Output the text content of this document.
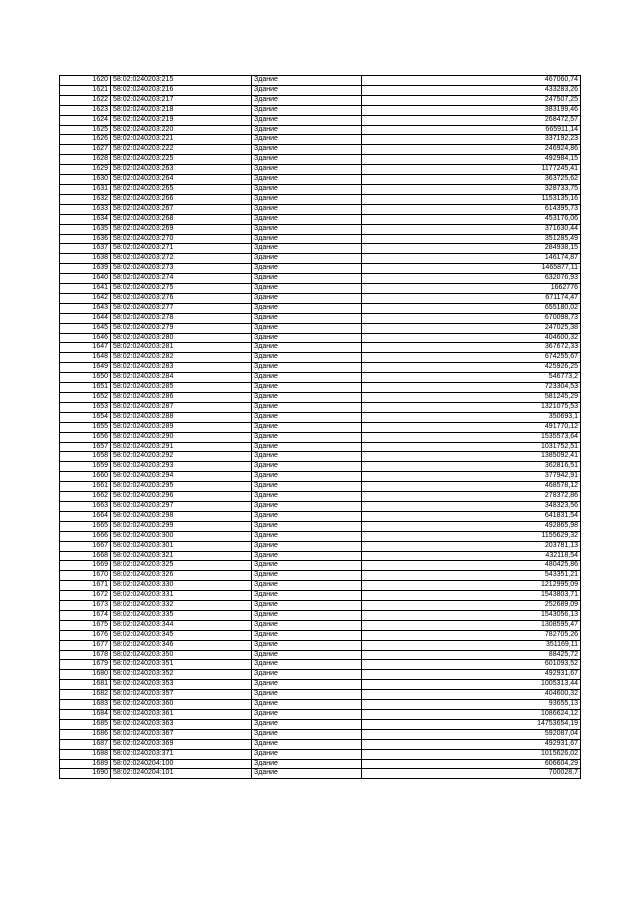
1620	58:02:0240203:215	Здание	467060,74
1621	58:02:0240203:216	Здание	433283,26
1622	58:02:0240203:217	Здание	247507,25
1623	58:02:0240203:218	Здание	383199,46
1624	58:02:0240203:219	Здание	268472,57
1625	58:02:0240203:220	Здание	665911,14
1626	58:02:0240203:221	Здание	337192,23
1627	58:02:0240203:222	Здание	246924,86
1628	58:02:0240203:225	Здание	492984,15
1629	58:02:0240203:263	Здание	1177245,41
1630	58:02:0240203:264	Здание	363725,62
1631	58:02:0240203:265	Здание	328733,75
1632	58:02:0240203:266	Здание	1153135,16
1633	58:02:0240203:267	Здание	614395,73
1634	58:02:0240203:268	Здание	453176,06
1635	58:02:0240203:269	Здание	371630,44
1636	58:02:0240203:270	Здание	351285,49
1637	58:02:0240203:271	Здание	284938,15
1638	58:02:0240203:272	Здание	146174,87
1639	58:02:0240203:273	Здание	1465877,11
1640	58:02:0240203:274	Здание	632076,93
1641	58:02:0240203:275	Здание	1662776
1642	58:02:0240203:276	Здание	671174,47
1643	58:02:0240203:277	Здание	655180,02
1644	58:02:0240203:278	Здание	670098,73
1645	58:02:0240203:279	Здание	247025,38
1646	58:02:0240203:280	Здание	404600,32
1647	58:02:0240203:281	Здание	367672,33
1648	58:02:0240203:282	Здание	674255,67
1649	58:02:0240203:283	Здание	425926,25
1650	58:02:0240203:284	Здание	546773,2
1651	58:02:0240203:285	Здание	723304,53
1652	58:02:0240203:286	Здание	581245,29
1653	58:02:0240203:287	Здание	1321075,53
1654	58:02:0240203:288	Здание	350693,1
1655	58:02:0240203:289	Здание	491770,12
1656	58:02:0240203:290	Здание	1535573,64
1657	58:02:0240203:291	Здание	1031752,51
1658	58:02:0240203:292	Здание	1385092,41
1659	58:02:0240203:293	Здание	362816,51
1660	58:02:0240203:294	Здание	377942,91
1661	58:02:0240203:295	Здание	468578,12
1662	58:02:0240203:296	Здание	278372,86
1663	58:02:0240203:297	Здание	348323,56
1664	58:02:0240203:298	Здание	641831,54
1665	58:02:0240203:299	Здание	492865,98
1666	58:02:0240203:300	Здание	1155629,32
1667	58:02:0240203:301	Здание	203781,13
1668	58:02:0240203:321	Здание	432118,54
1669	58:02:0240203:325	Здание	480425,86
1670	58:02:0240203:326	Здание	543351,21
1671	58:02:0240203:330	Здание	1212995,09
1672	58:02:0240203:331	Здание	1543803,71
1673	58:02:0240203:332	Здание	252689,09
1674	58:02:0240203:335	Здание	1543056,13
1675	58:02:0240203:344	Здание	1308595,47
1676	58:02:0240203:345	Здание	782705,26
1677	58:02:0240203:346	Здание	351169,11
1678	58:02:0240203:350	Здание	88425,72
1679	58:02:0240203:351	Здание	601093,52
1680	58:02:0240203:352	Здание	492931,67
1681	58:02:0240203:353	Здание	1005313,44
1682	58:02:0240203:357	Здание	404600,32
1683	58:02:0240203:360	Здание	93655,13
1684	58:02:0240203:361	Здание	1086624,12
1685	58:02:0240203:363	Здание	14753654,19
1686	58:02:0240203:367	Здание	592087,04
1687	58:02:0240203:369	Здание	492931,67
1688	58:02:0240203:371	Здание	1015626,02
1689	58:02:0240204:100	Здание	606604,29
1690	58:02:0240204:101	Здание	700028,7
